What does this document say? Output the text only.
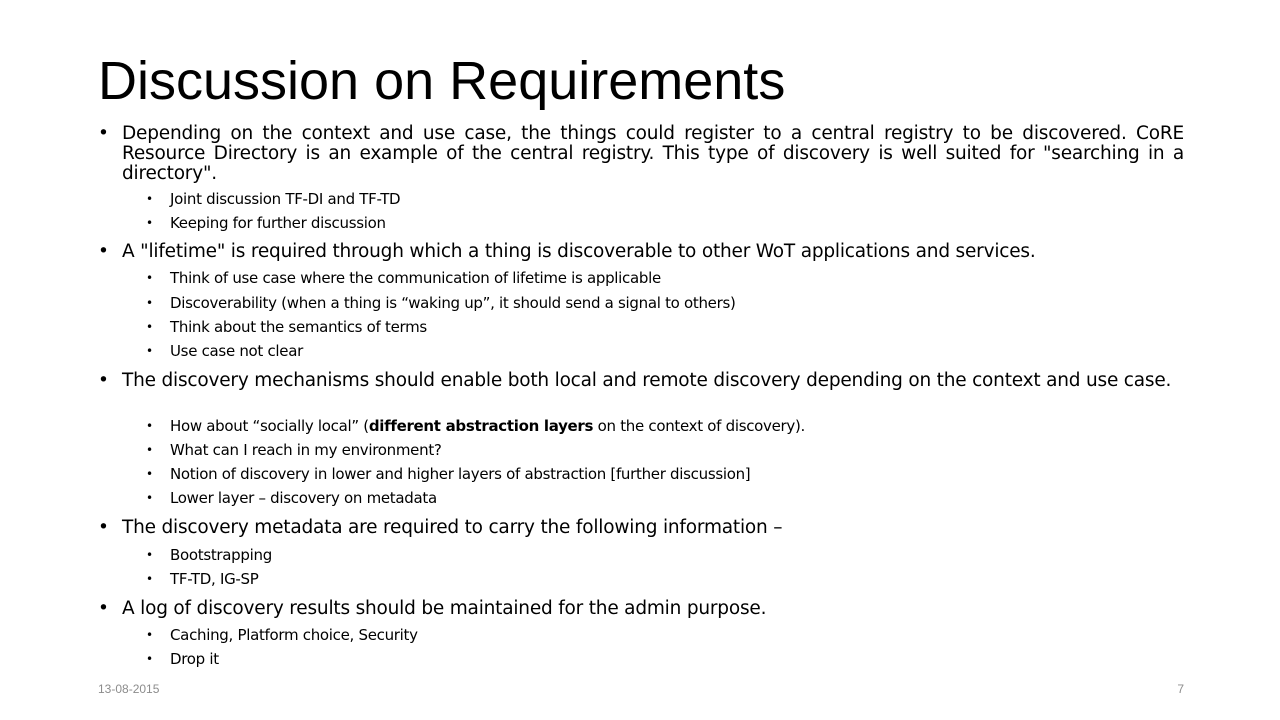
Discussion on Requirements
• Depending on the context and use case, the things could register to a central registry to be discovered. CoRE Resource Directory is an example of the central registry. This type of discovery is well suited for "searching in a directory".
• Joint discussion TF-DI and TF-TD
• Keeping for further discussion
• A "lifetime" is required through which a thing is discoverable to other WoT applications and services.
• Think of use case where the communication of lifetime is applicable
• Discoverability (when a thing is “waking up”, it should send a signal to others)
• Think about the semantics of terms
• Use case not clear
• The discovery mechanisms should enable both local and remote discovery depending on the context and use case.
• How about “socially local” (different abstraction layers on the context of discovery).
• What can I reach in my environment?
• Notion of discovery in lower and higher layers of abstraction [further discussion]
• Lower layer – discovery on metadata
• The discovery metadata are required to carry the following information –
• Bootstrapping
• TF-TD, IG-SP
• A log of discovery results should be maintained for the admin purpose.
• Caching, Platform choice, Security
• Drop it
13-08-2015	7
